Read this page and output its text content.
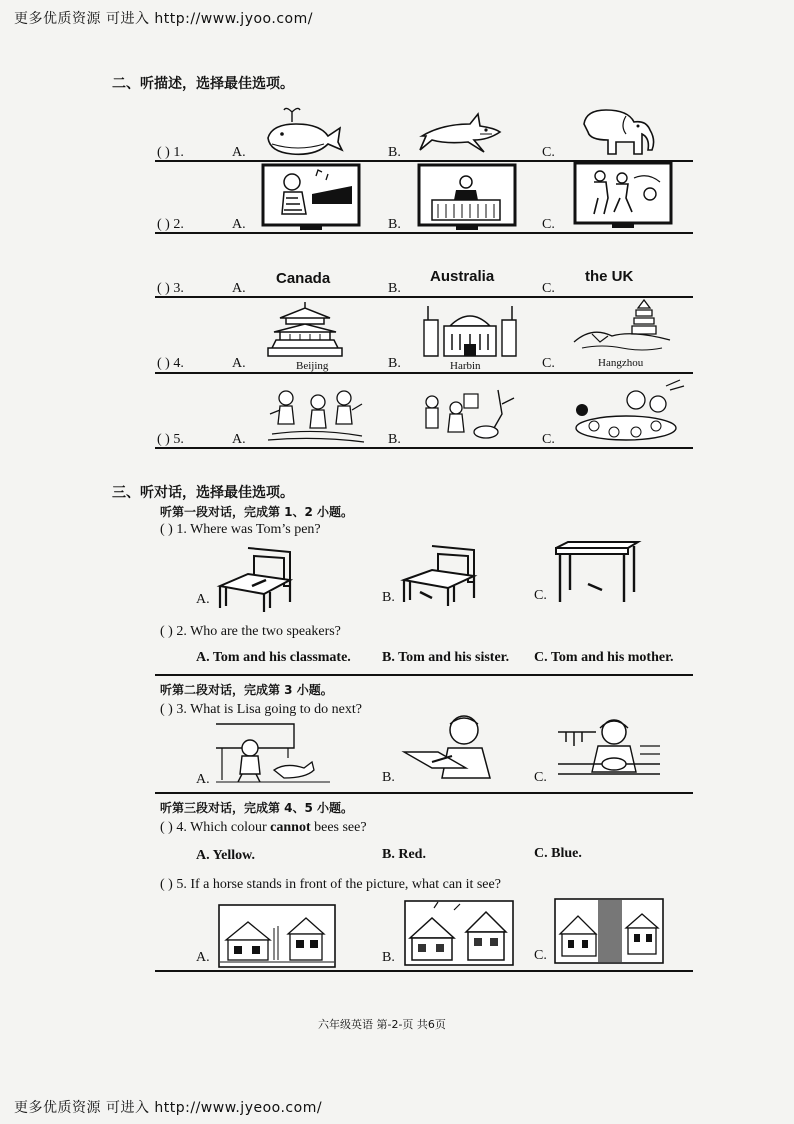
更多优质资源 可进入 http://www.jyoo.com/
更多优质资源 可进入 http://www.jyeoo.com/
二、听描述，选择最佳选项。
( ) 1.	A.	B.	C.
( ) 2.	A.	B.	C.
( ) 3.	A.	B.	C.
Canada	Australia	the UK
( ) 4.	A.	B.	C.
Beijing	Harbin	Hangzhou
( ) 5.	A.	B.	C.
三、听对话，选择最佳选项。
听第一段对话，完成第 1、2 小题。
( ) 1. Where was Tom’s pen?
A.	B.	C.
( ) 2. Who are the two speakers?
A. Tom and his classmate. B. Tom and his sister. C. Tom and his mother.
听第二段对话，完成第 3 小题。
( ) 3. What is Lisa going to do next?
A.	B.	C.
听第三段对话，完成第 4、5 小题。
( ) 4. Which colour cannot bees see?
A. Yellow.	B. Red.	C. Blue.
( ) 5. If a horse stands in front of the picture, what can it see?
A.	B.	C.
六年级英语 第-2-页 共6页
